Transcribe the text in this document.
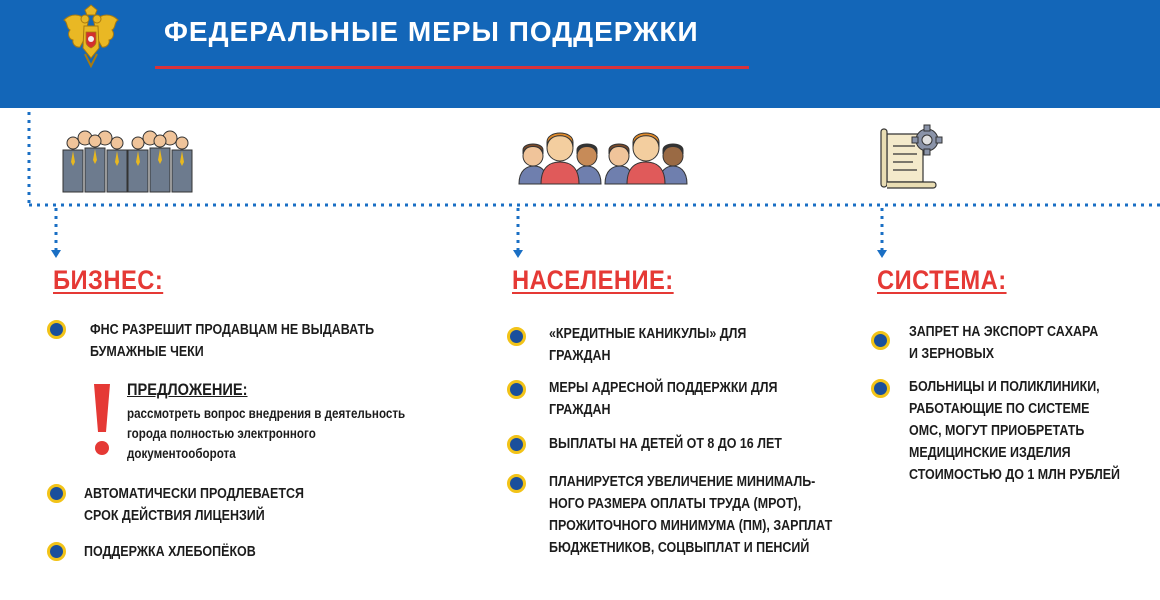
ФЕДЕРАЛЬНЫЕ МЕРЫ ПОДДЕРЖКИ
БИЗНЕС:	НАСЕЛЕНИЕ:	СИСТЕМА:
ФНС РАЗРЕШИТ ПРОДАВЦАМ НЕ ВЫДАВАТЬ
БУМАЖНЫЕ ЧЕКИ
ПРЕДЛОЖЕНИЕ:
рассмотреть вопрос внедрения в деятельность
города полностью электронного
документооборота
АВТОМАТИЧЕСКИ ПРОДЛЕВАЕТСЯ
СРОК ДЕЙСТВИЯ ЛИЦЕНЗИЙ
ПОДДЕРЖКА ХЛЕБОПЁКОВ
«КРЕДИТНЫЕ КАНИКУЛЫ» ДЛЯ
ГРАЖДАН
МЕРЫ АДРЕСНОЙ ПОДДЕРЖКИ ДЛЯ
ГРАЖДАН
ВЫПЛАТЫ НА ДЕТЕЙ ОТ 8 ДО 16 ЛЕТ
ПЛАНИРУЕТСЯ УВЕЛИЧЕНИЕ МИНИМАЛЬ-
НОГО РАЗМЕРА ОПЛАТЫ ТРУДА (МРОТ),
ПРОЖИТОЧНОГО МИНИМУМА (ПМ), ЗАРПЛАТ
БЮДЖЕТНИКОВ, СОЦВЫПЛАТ И ПЕНСИЙ
ЗАПРЕТ НА ЭКСПОРТ САХАРА
И ЗЕРНОВЫХ
БОЛЬНИЦЫ И ПОЛИКЛИНИКИ,
РАБОТАЮЩИЕ ПО СИСТЕМЕ
ОМС, МОГУТ ПРИОБРЕТАТЬ
МЕДИЦИНСКИЕ ИЗДЕЛИЯ
СТОИМОСТЬЮ ДО 1 МЛН РУБЛЕЙ
